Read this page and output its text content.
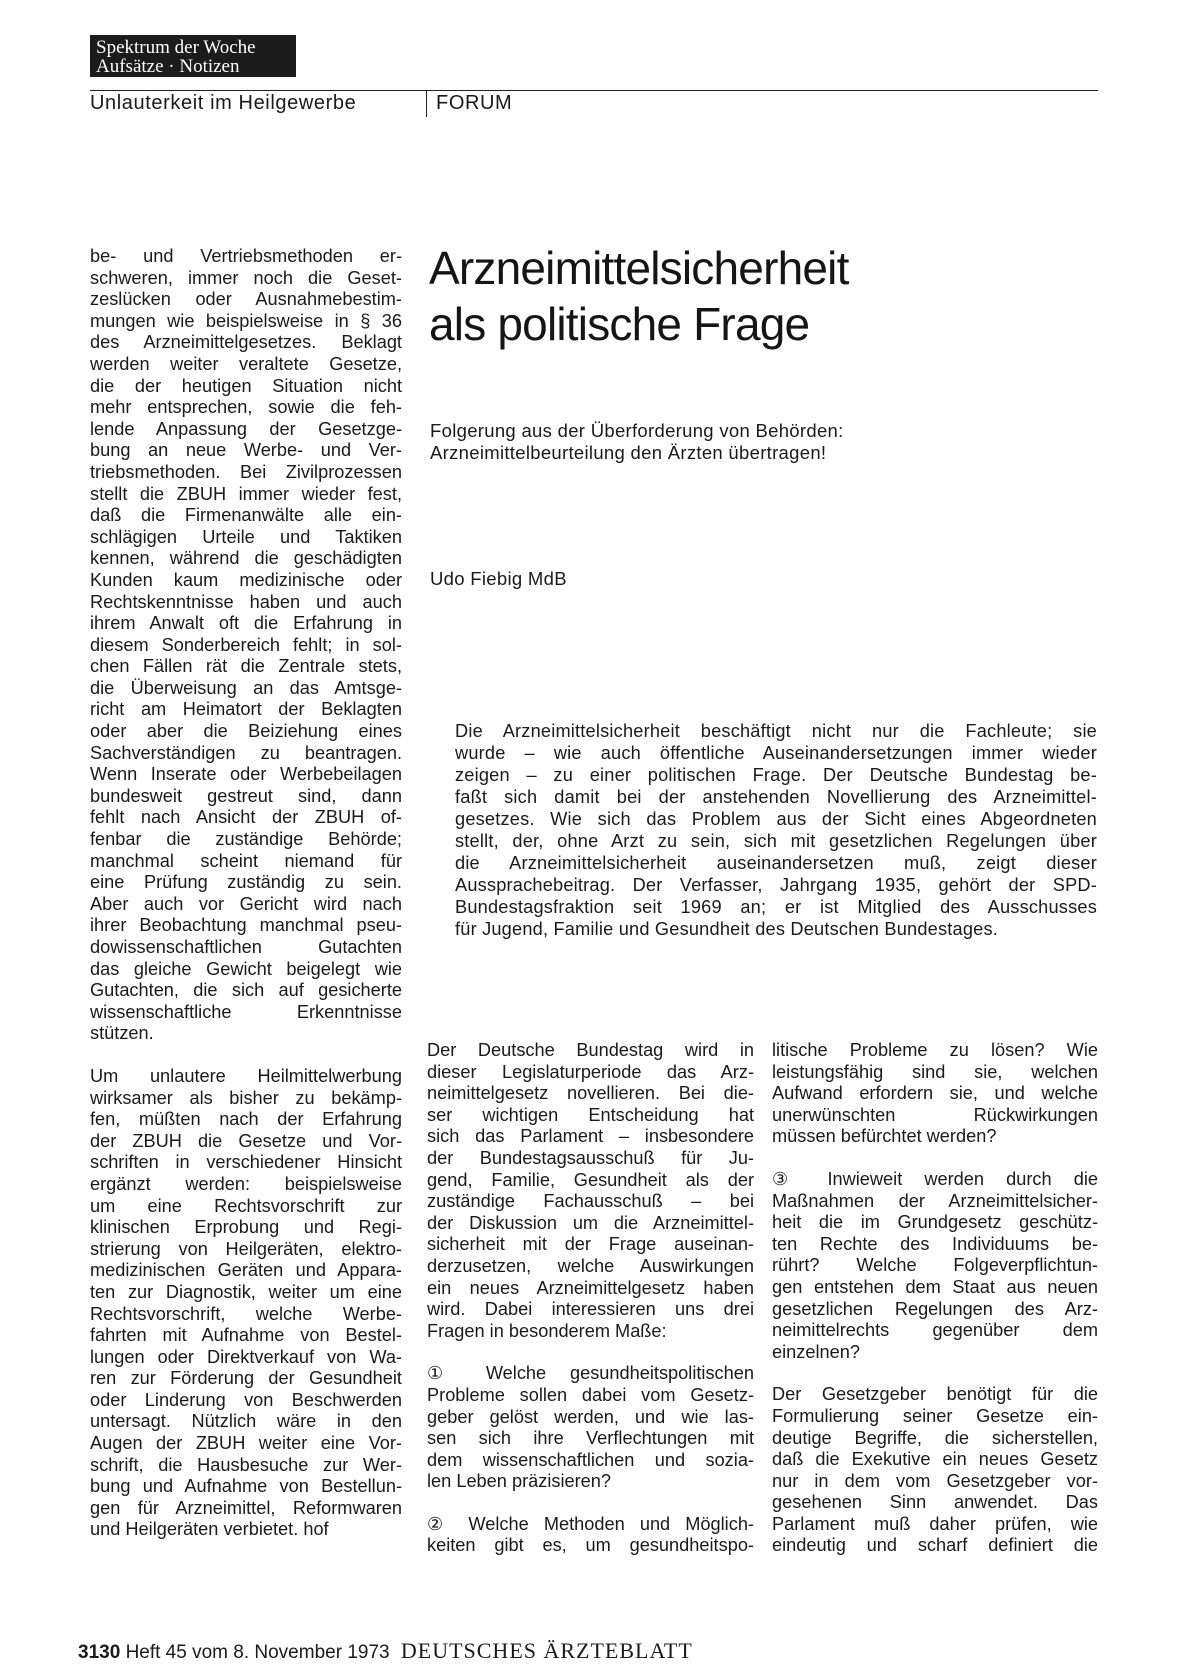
Spektrum der Woche
Aufsätze · Notizen
Unlauterkeit im Heilgewerbe	FORUM

be- und Vertriebsmethoden er-
schweren, immer noch die Geset-
zeslücken oder Ausnahmebestim-
mungen wie beispielsweise in § 36
des Arzneimittelgesetzes. Beklagt
werden weiter veraltete Gesetze,
die der heutigen Situation nicht
mehr entsprechen, sowie die feh-
lende Anpassung der Gesetzge-
bung an neue Werbe- und Ver-
triebsmethoden. Bei Zivilprozessen
stellt die ZBUH immer wieder fest,
daß die Firmenanwälte alle ein-
schlägigen Urteile und Taktiken
kennen, während die geschädigten
Kunden kaum medizinische oder
Rechtskenntnisse haben und auch
ihrem Anwalt oft die Erfahrung in
diesem Sonderbereich fehlt; in sol-
chen Fällen rät die Zentrale stets,
die Überweisung an das Amtsge-
richt am Heimatort der Beklagten
oder aber die Beiziehung eines
Sachverständigen zu beantragen.
Wenn Inserate oder Werbebeilagen
bundesweit gestreut sind, dann
fehlt nach Ansicht der ZBUH of-
fenbar die zuständige Behörde;
manchmal scheint niemand für
eine Prüfung zuständig zu sein.
Aber auch vor Gericht wird nach
ihrer Beobachtung manchmal pseu-
dowissenschaftlichen Gutachten
das gleiche Gewicht beigelegt wie
Gutachten, die sich auf gesicherte
wissenschaftliche Erkenntnisse
stützen.

Um unlautere Heilmittelwerbung
wirksamer als bisher zu bekämp-
fen, müßten nach der Erfahrung
der ZBUH die Gesetze und Vor-
schriften in verschiedener Hinsicht
ergänzt werden: beispielsweise
um eine Rechtsvorschrift zur
klinischen Erprobung und Regi-
strierung von Heilgeräten, elektro-
medizinischen Geräten und Appara-
ten zur Diagnostik, weiter um eine
Rechtsvorschrift, welche Werbe-
fahrten mit Aufnahme von Bestel-
lungen oder Direktverkauf von Wa-
ren zur Förderung der Gesundheit
oder Linderung von Beschwerden
untersagt. Nützlich wäre in den
Augen der ZBUH weiter eine Vor-
schrift, die Hausbesuche zur Wer-
bung und Aufnahme von Bestellun-
gen für Arzneimittel, Reformwaren
und Heilgeräten verbietet. hof

Arzneimittelsicherheit
als politische Frage
Folgerung aus der Überforderung von Behörden:
Arzneimittelbeurteilung den Ärzten übertragen!
Udo Fiebig MdB
Die Arzneimittelsicherheit beschäftigt nicht nur die Fachleute; sie
wurde – wie auch öffentliche Auseinandersetzungen immer wieder
zeigen – zu einer politischen Frage. Der Deutsche Bundestag be-
faßt sich damit bei der anstehenden Novellierung des Arzneimittel-
gesetzes. Wie sich das Problem aus der Sicht eines Abgeordneten
stellt, der, ohne Arzt zu sein, sich mit gesetzlichen Regelungen über
die Arzneimittelsicherheit auseinandersetzen muß, zeigt dieser
Aussprachebeitrag. Der Verfasser, Jahrgang 1935, gehört der SPD-
Bundestagsfraktion seit 1969 an; er ist Mitglied des Ausschusses
für Jugend, Familie und Gesundheit des Deutschen Bundestages.

Der Deutsche Bundestag wird in
dieser Legislaturperiode das Arz-
neimittelgesetz novellieren. Bei die-
ser wichtigen Entscheidung hat
sich das Parlament – insbesondere
der Bundestagsausschuß für Ju-
gend, Familie, Gesundheit als der
zuständige Fachausschuß – bei
der Diskussion um die Arzneimittel-
sicherheit mit der Frage auseinan-
derzusetzen, welche Auswirkungen
ein neues Arzneimittelgesetz haben
wird. Dabei interessieren uns drei
Fragen in besonderem Maße:

① Welche gesundheitspolitischen
Probleme sollen dabei vom Gesetz-
geber gelöst werden, und wie las-
sen sich ihre Verflechtungen mit
dem wissenschaftlichen und sozia-
len Leben präzisieren?

② Welche Methoden und Möglich-
keiten gibt es, um gesundheitspo-

litische Probleme zu lösen? Wie
leistungsfähig sind sie, welchen
Aufwand erfordern sie, und welche
unerwünschten Rückwirkungen
müssen befürchtet werden?

③ Inwieweit werden durch die
Maßnahmen der Arzneimittelsicher-
heit die im Grundgesetz geschütz-
ten Rechte des Individuums be-
rührt? Welche Folgeverpflichtun-
gen entstehen dem Staat aus neuen
gesetzlichen Regelungen des Arz-
neimittelrechts gegenüber dem
einzelnen?

Der Gesetzgeber benötigt für die
Formulierung seiner Gesetze ein-
deutige Begriffe, die sicherstellen,
daß die Exekutive ein neues Gesetz
nur in dem vom Gesetzgeber vor-
gesehenen Sinn anwendet. Das
Parlament muß daher prüfen, wie
eindeutig und scharf definiert die

3130 Heft 45 vom 8. November 1973 DEUTSCHES ÄRZTEBLATT
